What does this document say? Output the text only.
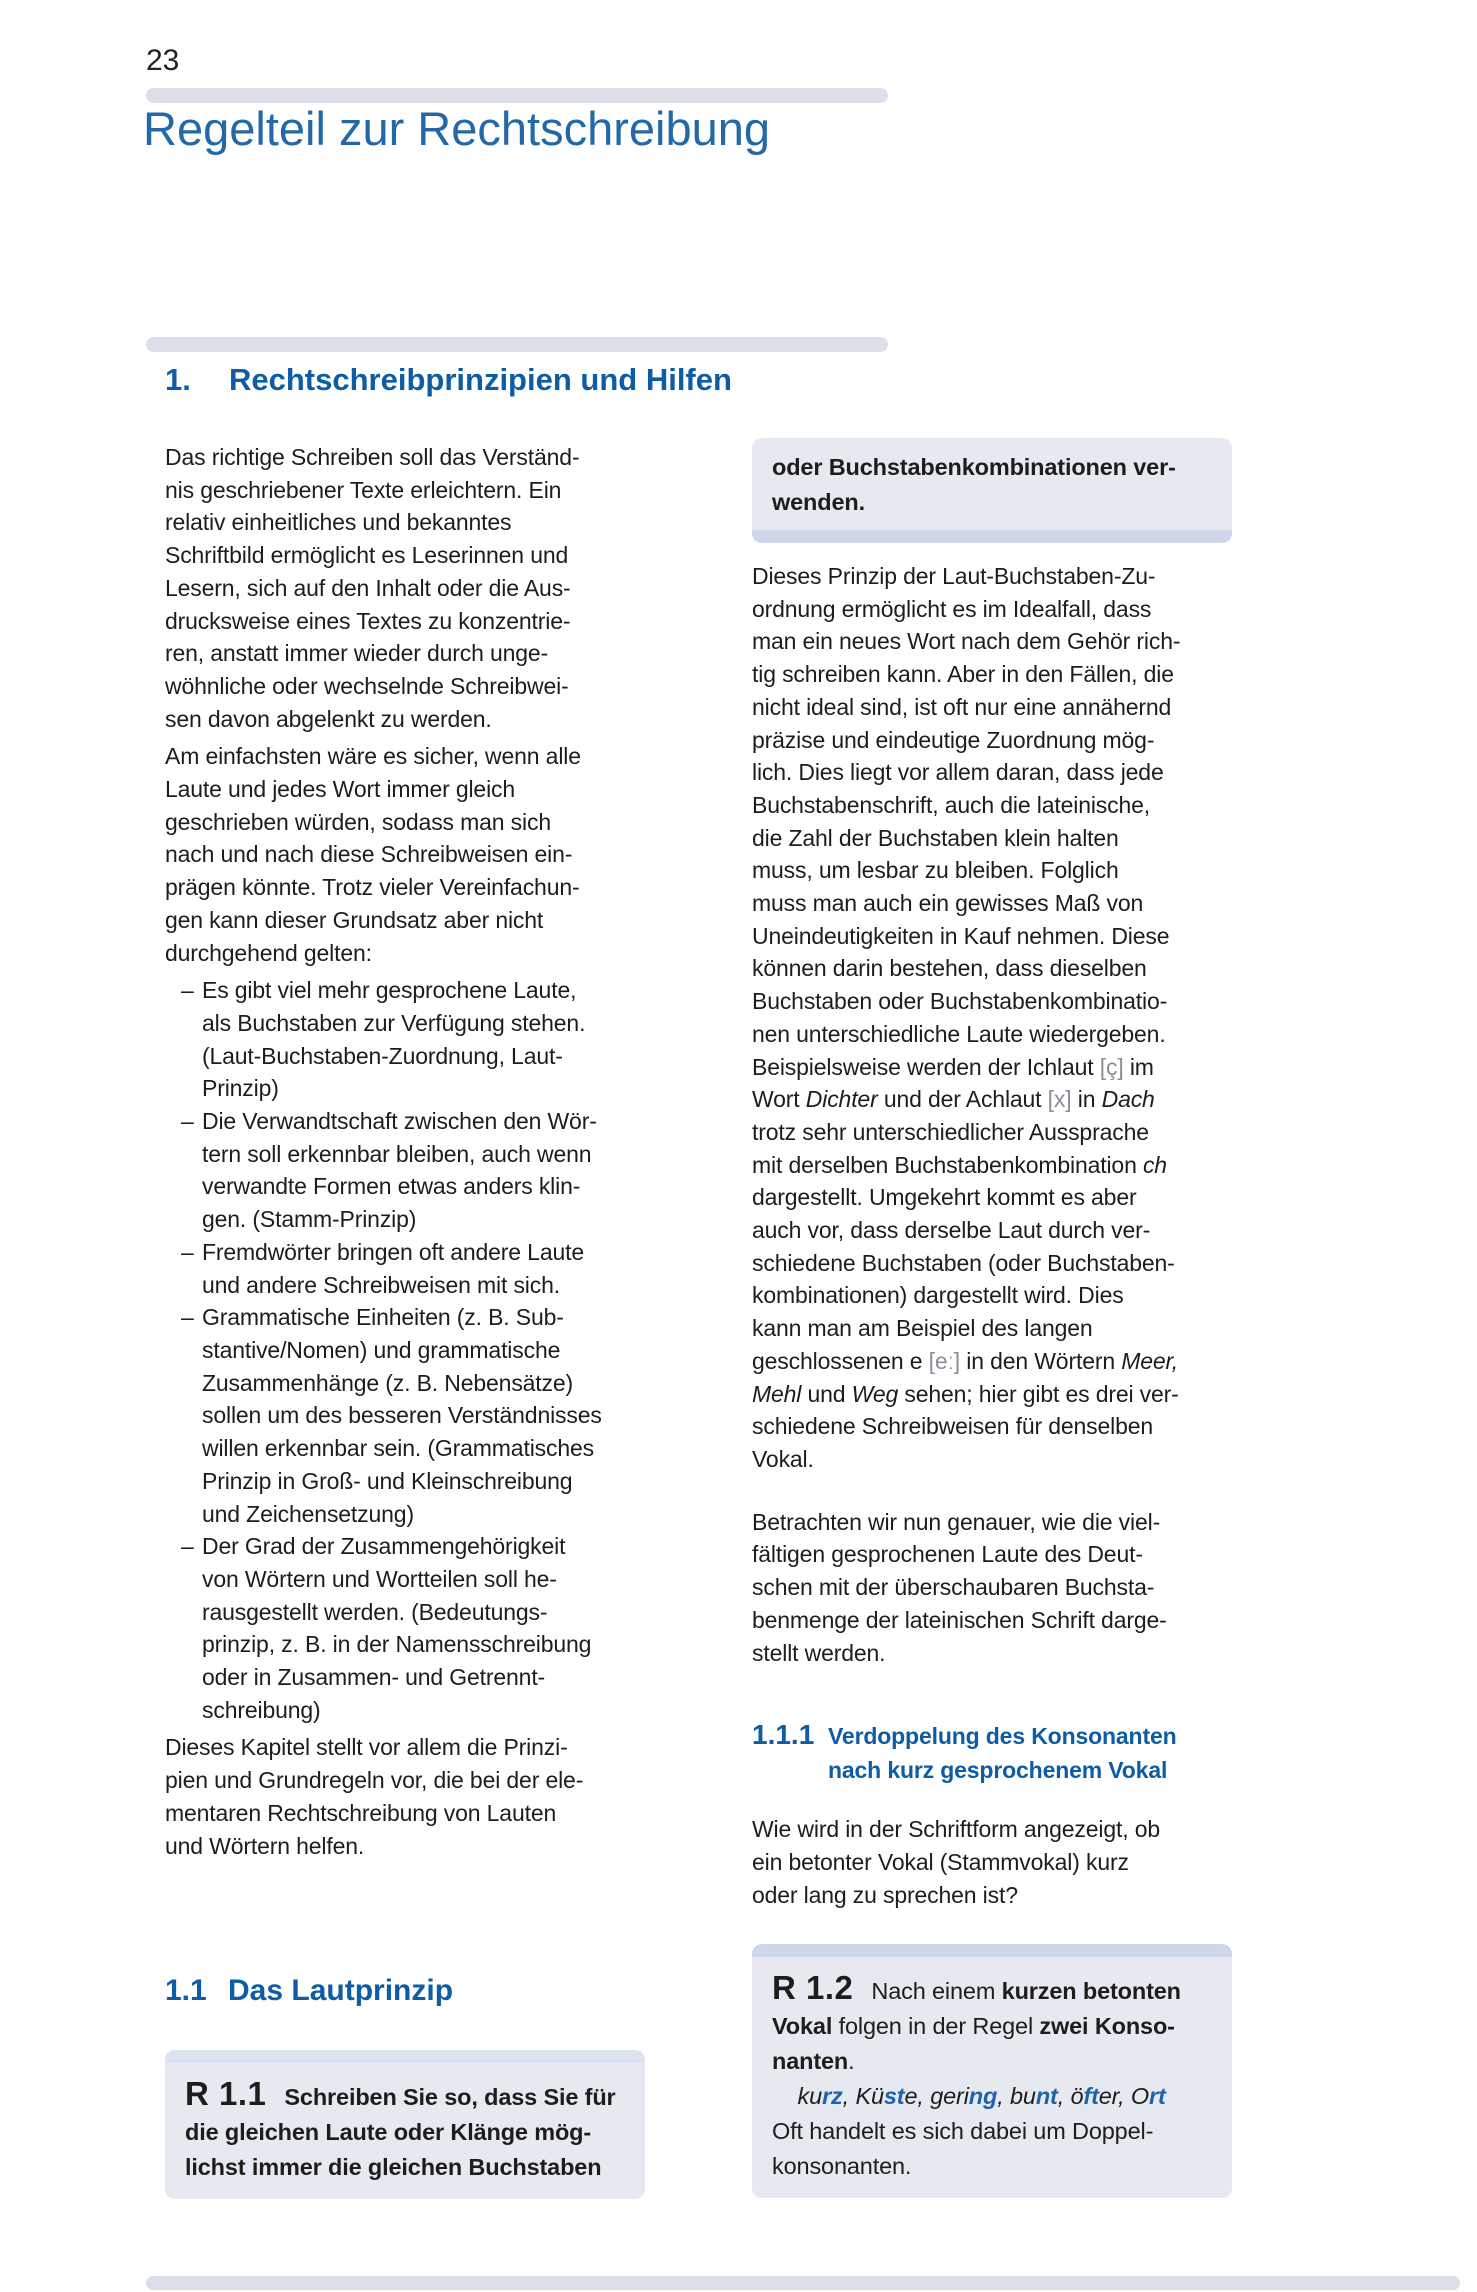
23
Regelteil zur Rechtschreibung
1.	Rechtschreibprinzipien und Hilfen
Das richtige Schreiben soll das Verständ-
nis geschriebener Texte erleichtern. Ein
relativ einheitliches und bekanntes
Schriftbild ermöglicht es Leserinnen und
Lesern, sich auf den Inhalt oder die Aus-
drucksweise eines Textes zu konzentrie-
ren, anstatt immer wieder durch unge-
wöhnliche oder wechselnde Schreibwei-
sen davon abgelenkt zu werden.
Am einfachsten wäre es sicher, wenn alle
Laute und jedes Wort immer gleich
geschrieben würden, sodass man sich
nach und nach diese Schreibweisen ein-
prägen könnte. Trotz vieler Vereinfachun-
gen kann dieser Grundsatz aber nicht
durchgehend gelten:
– Es gibt viel mehr gesprochene Laute,
als Buchstaben zur Verfügung stehen.
(Laut-Buchstaben-Zuordnung, Laut-
Prinzip)
– Die Verwandtschaft zwischen den Wör-
tern soll erkennbar bleiben, auch wenn
verwandte Formen etwas anders klin-
gen. (Stamm-Prinzip)
– Fremdwörter bringen oft andere Laute
und andere Schreibweisen mit sich.
– Grammatische Einheiten (z. B. Sub-
stantive/Nomen) und grammatische
Zusammenhänge (z. B. Nebensätze)
sollen um des besseren Verständnisses
willen erkennbar sein. (Grammatisches
Prinzip in Groß- und Kleinschreibung
und Zeichensetzung)
– Der Grad der Zusammengehörigkeit
von Wörtern und Wortteilen soll he-
rausgestellt werden. (Bedeutungs-
prinzip, z. B. in der Namensschreibung
oder in Zusammen- und Getrennt-
schreibung)
Dieses Kapitel stellt vor allem die Prinzi-
pien und Grundregeln vor, die bei der ele-
mentaren Rechtschreibung von Lauten
und Wörtern helfen.
1.1 Das Lautprinzip
R 1.1 Schreiben Sie so, dass Sie für
die gleichen Laute oder Klänge mög-
lichst immer die gleichen Buchstaben
oder Buchstabenkombinationen ver-
wenden.
Dieses Prinzip der Laut-Buchstaben-Zu-
ordnung ermöglicht es im Idealfall, dass
man ein neues Wort nach dem Gehör rich-
tig schreiben kann. Aber in den Fällen, die
nicht ideal sind, ist oft nur eine annähernd
präzise und eindeutige Zuordnung mög-
lich. Dies liegt vor allem daran, dass jede
Buchstabenschrift, auch die lateinische,
die Zahl der Buchstaben klein halten
muss, um lesbar zu bleiben. Folglich
muss man auch ein gewisses Maß von
Uneindeutigkeiten in Kauf nehmen. Diese
können darin bestehen, dass dieselben
Buchstaben oder Buchstabenkombinatio-
nen unterschiedliche Laute wiedergeben.
Beispielsweise werden der Ichlaut [ç] im
Wort Dichter und der Achlaut [x] in Dach
trotz sehr unterschiedlicher Aussprache
mit derselben Buchstabenkombination ch
dargestellt. Umgekehrt kommt es aber
auch vor, dass derselbe Laut durch ver-
schiedene Buchstaben (oder Buchstaben-
kombinationen) dargestellt wird. Dies
kann man am Beispiel des langen
geschlossenen e [eː] in den Wörtern Meer,
Mehl und Weg sehen; hier gibt es drei ver-
schiedene Schreibweisen für denselben
Vokal.
Betrachten wir nun genauer, wie die viel-
fältigen gesprochenen Laute des Deut-
schen mit der überschaubaren Buchsta-
benmenge der lateinischen Schrift darge-
stellt werden.
1.1.1 Verdoppelung des Konsonanten
nach kurz gesprochenem Vokal
Wie wird in der Schriftform angezeigt, ob
ein betonter Vokal (Stammvokal) kurz
oder lang zu sprechen ist?
R 1.2 Nach einem kurzen betonten
Vokal folgen in der Regel zwei Konso-
nanten.
kurz, Küste, gering, bunt, öfter, Ort
Oft handelt es sich dabei um Doppel-
konsonanten.
